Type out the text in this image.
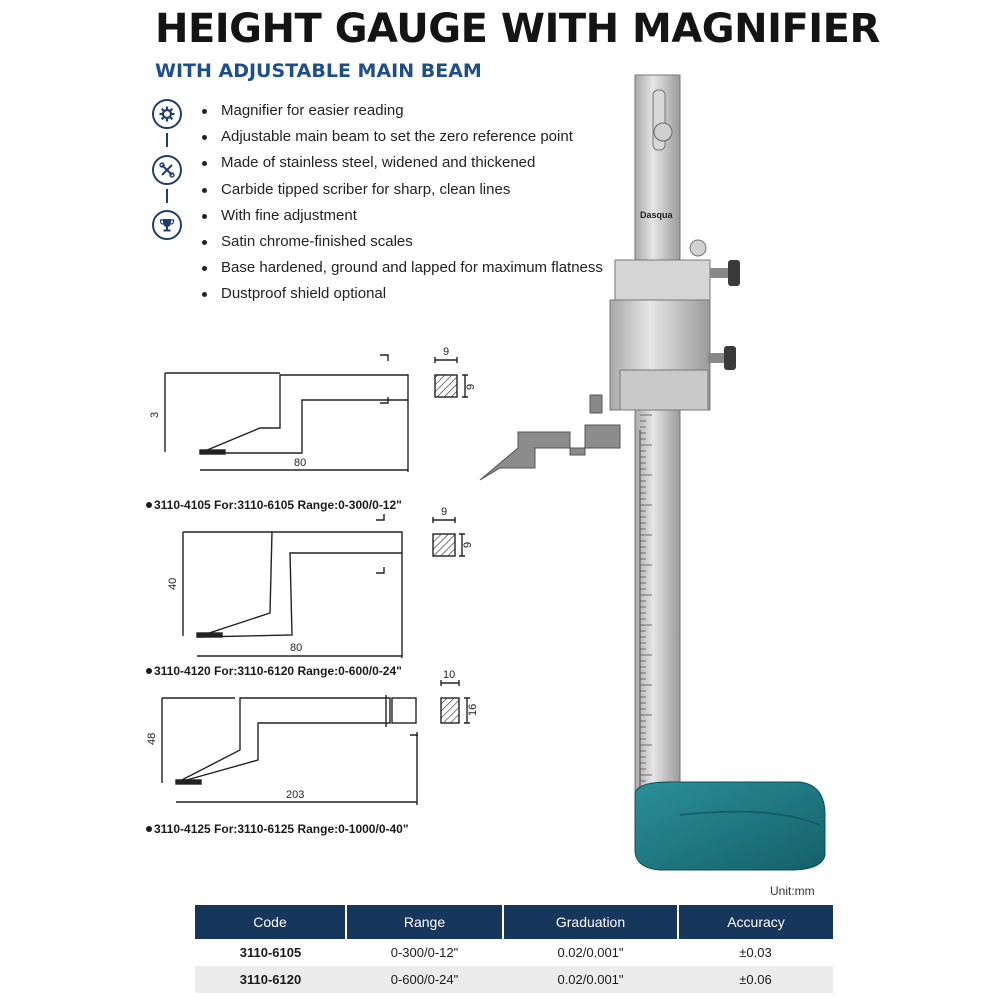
HEIGHT GAUGE WITH MAGNIFIER
WITH ADJUSTABLE MAIN BEAM
Magnifier for easier reading
Adjustable main beam to set the zero reference point
Made of stainless steel, widened and thickened
Carbide tipped scriber for sharp, clean lines
With fine adjustment
Satin chrome-finished scales
Base hardened, ground and lapped for maximum flatness
Dustproof shield optional
3
80
9
9
40
80
9
9
48
203
10
16
3110-4105 For:3110-6105 Range:0-300/0-12"
3110-4120 For:3110-6120 Range:0-600/0-24"
3110-4125 For:3110-6125 Range:0-1000/0-40"
Dasqua
Unit:mm
Code	Range	Graduation	Accuracy
3110-6105	0-300/0-12"	0.02/0.001"	±0.03
3110-6120	0-600/0-24"	0.02/0.001"	±0.06
